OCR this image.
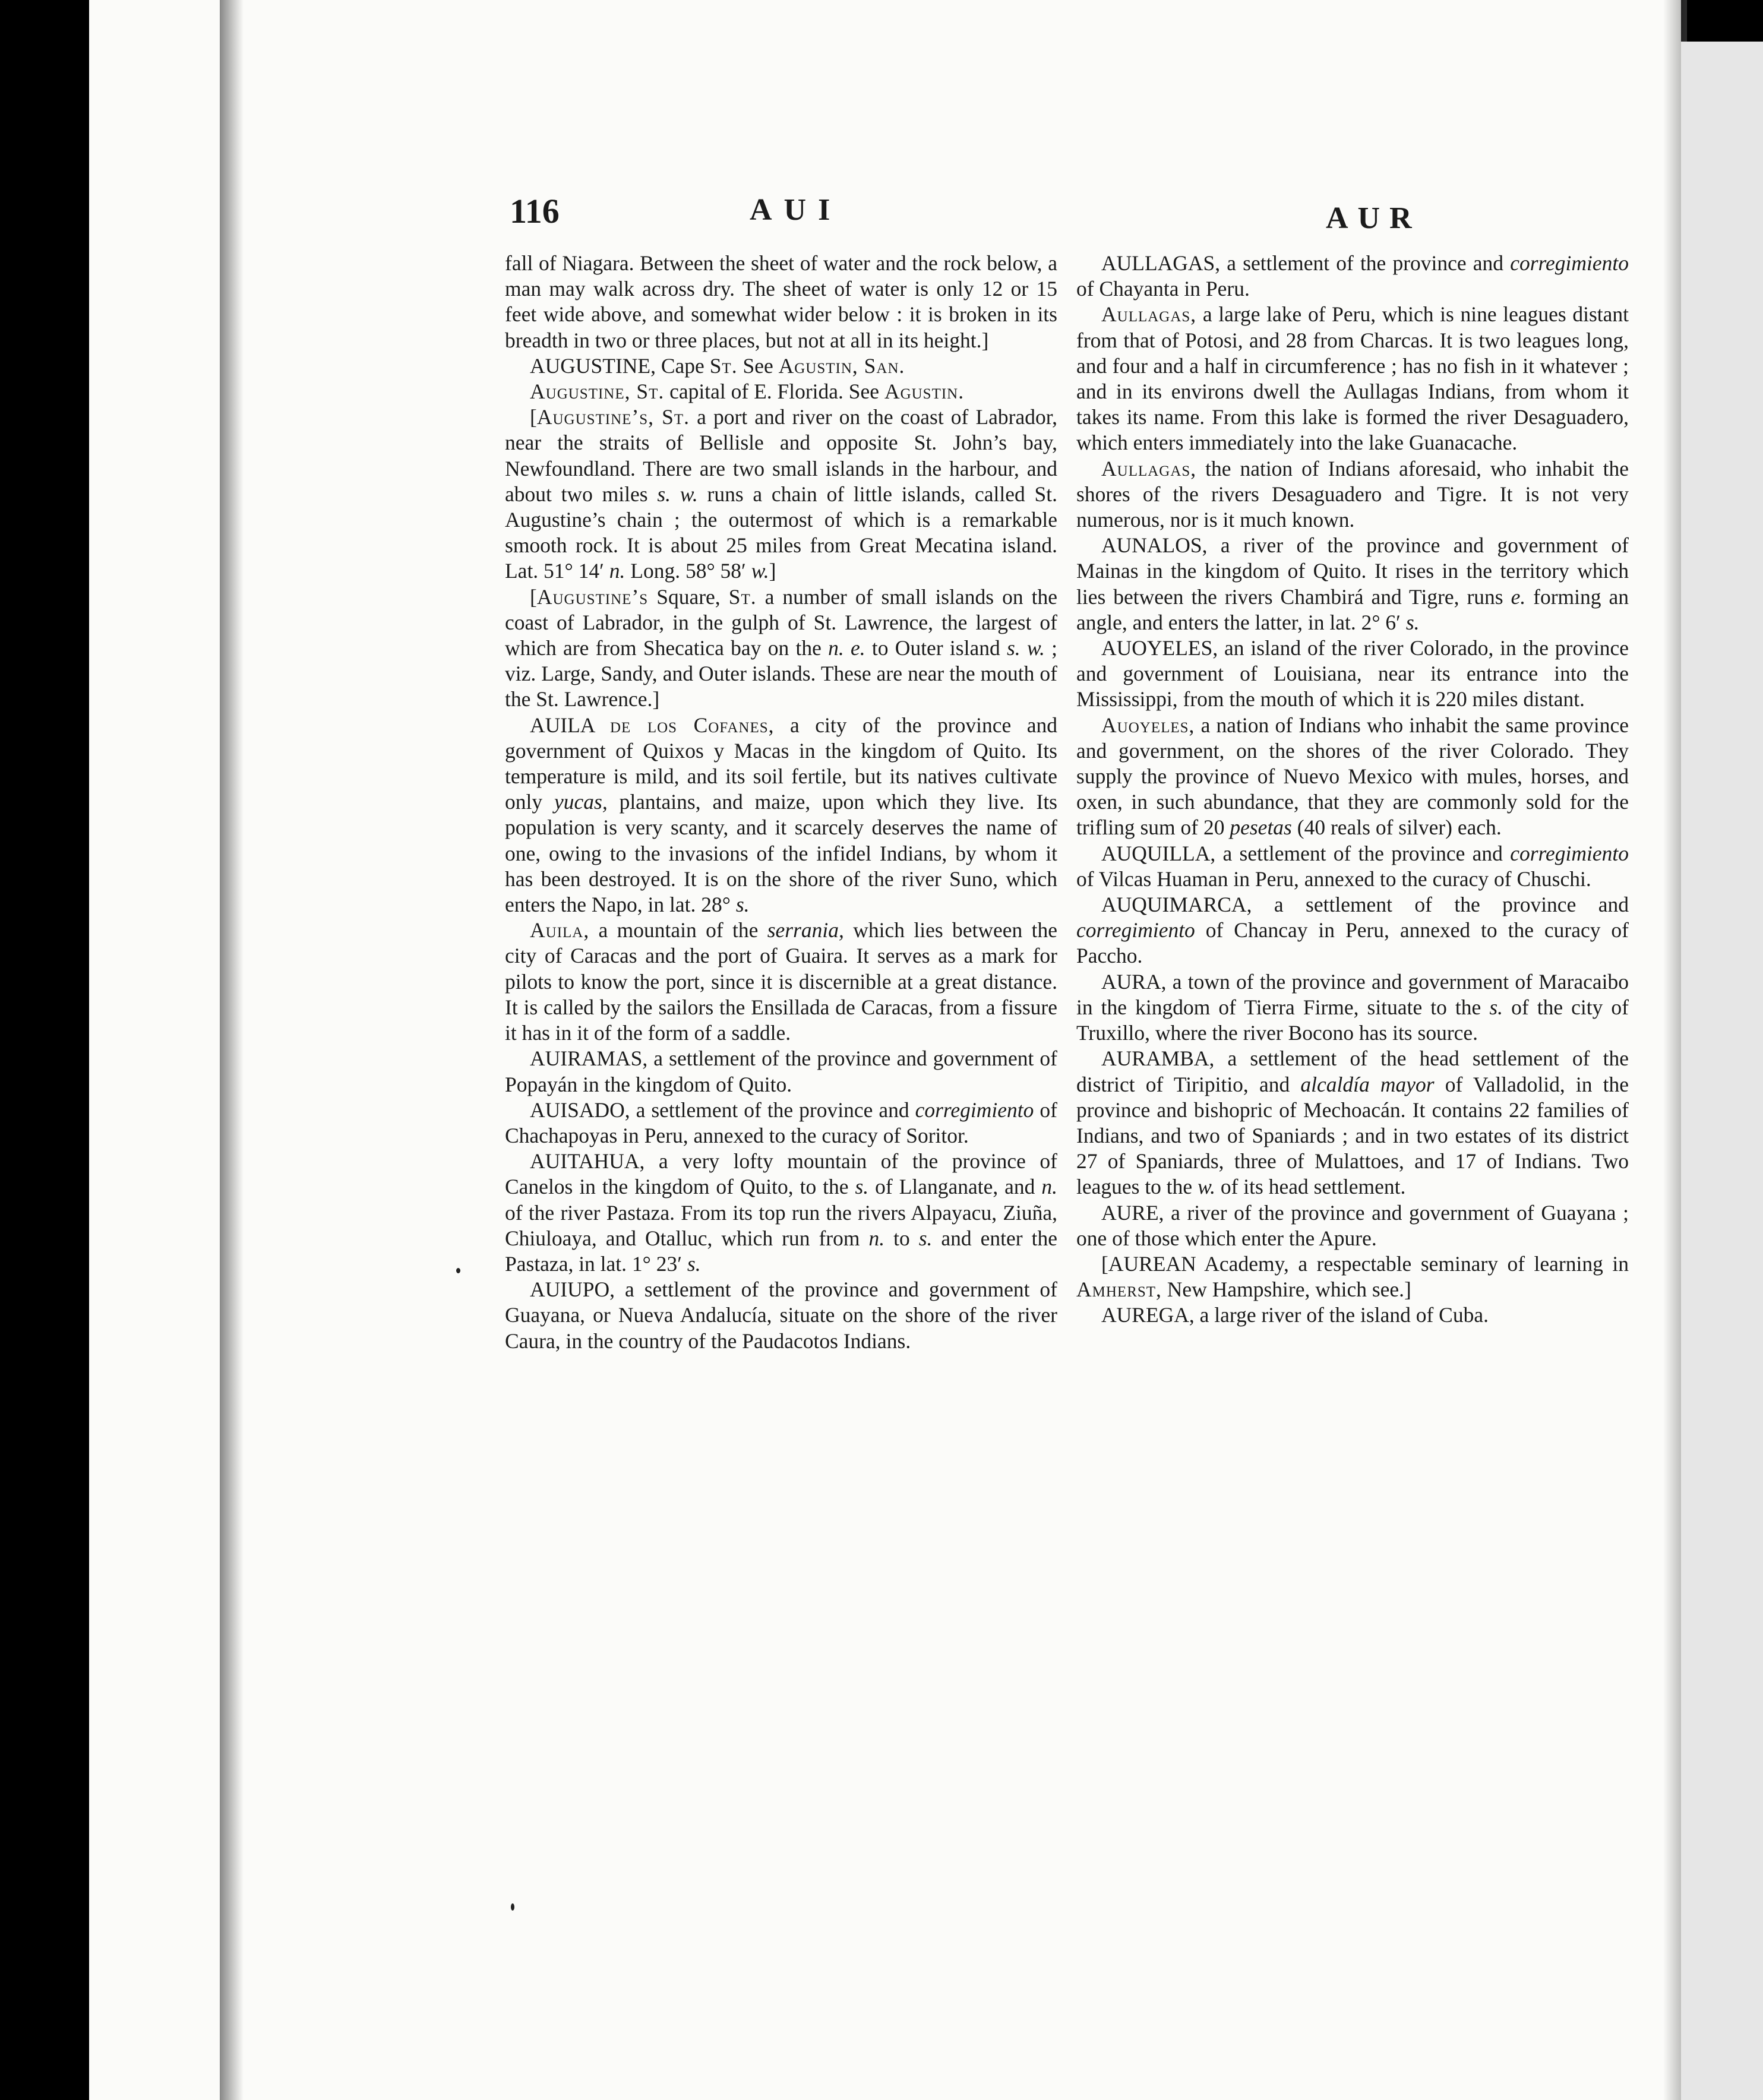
116	AUI	AUR

fall of Niagara. Between the sheet of water and the rock below, a man may walk across dry. The sheet of water is only 12 or 15 feet wide above, and somewhat wider below : it is broken in its breadth in two or three places, but not at all in its height.]

AUGUSTINE, Cape St. See Agustin, San.

Augustine, St. capital of E. Florida. See Agustin.

[Augustine’s, St. a port and river on the coast of Labrador, near the straits of Bellisle and opposite St. John’s bay, Newfoundland. There are two small islands in the harbour, and about two miles s. w. runs a chain of little islands, called St. Augustine’s chain ; the outermost of which is a remarkable smooth rock. It is about 25 miles from Great Mecatina island. Lat. 51° 14′ n. Long. 58° 58′ w.]

[Augustine’s Square, St. a number of small islands on the coast of Labrador, in the gulph of St. Lawrence, the largest of which are from Shecatica bay on the n. e. to Outer island s. w. ; viz. Large, Sandy, and Outer islands. These are near the mouth of the St. Lawrence.]

AUILA de los Cofanes, a city of the province and government of Quixos y Macas in the kingdom of Quito. Its temperature is mild, and its soil fertile, but its natives cultivate only yucas, plantains, and maize, upon which they live. Its population is very scanty, and it scarcely deserves the name of one, owing to the invasions of the infidel Indians, by whom it has been destroyed. It is on the shore of the river Suno, which enters the Napo, in lat. 28° s.

Auila, a mountain of the serrania, which lies between the city of Caracas and the port of Guaira. It serves as a mark for pilots to know the port, since it is discernible at a great distance. It is called by the sailors the Ensillada de Caracas, from a fissure it has in it of the form of a saddle.

AUIRAMAS, a settlement of the province and government of Popayán in the kingdom of Quito.

AUISADO, a settlement of the province and corregimiento of Chachapoyas in Peru, annexed to the curacy of Soritor.

AUITAHUA, a very lofty mountain of the province of Canelos in the kingdom of Quito, to the s. of Llanganate, and n. of the river Pastaza. From its top run the rivers Alpayacu, Ziuña, Chiuloaya, and Otalluc, which run from n. to s. and enter the Pastaza, in lat. 1° 23′ s.

AUIUPO, a settlement of the province and government of Guayana, or Nueva Andalucía, situate on the shore of the river Caura, in the country of the Paudacotos Indians.

AULLAGAS, a settlement of the province and corregimiento of Chayanta in Peru.

Aullagas, a large lake of Peru, which is nine leagues distant from that of Potosi, and 28 from Charcas. It is two leagues long, and four and a half in circumference ; has no fish in it whatever ; and in its environs dwell the Aullagas Indians, from whom it takes its name. From this lake is formed the river Desaguadero, which enters immediately into the lake Guanacache.

Aullagas, the nation of Indians aforesaid, who inhabit the shores of the rivers Desaguadero and Tigre. It is not very numerous, nor is it much known.

AUNALOS, a river of the province and government of Mainas in the kingdom of Quito. It rises in the territory which lies between the rivers Chambirá and Tigre, runs e. forming an angle, and enters the latter, in lat. 2° 6′ s.

AUOYELES, an island of the river Colorado, in the province and government of Louisiana, near its entrance into the Mississippi, from the mouth of which it is 220 miles distant.

Auoyeles, a nation of Indians who inhabit the same province and government, on the shores of the river Colorado. They supply the province of Nuevo Mexico with mules, horses, and oxen, in such abundance, that they are commonly sold for the trifling sum of 20 pesetas (40 reals of silver) each.

AUQUILLA, a settlement of the province and corregimiento of Vilcas Huaman in Peru, annexed to the curacy of Chuschi.

AUQUIMARCA, a settlement of the province and corregimiento of Chancay in Peru, annexed to the curacy of Paccho.

AURA, a town of the province and government of Maracaibo in the kingdom of Tierra Firme, situate to the s. of the city of Truxillo, where the river Bocono has its source.

AURAMBA, a settlement of the head settlement of the district of Tiripitio, and alcaldía mayor of Valladolid, in the province and bishopric of Mechoacán. It contains 22 families of Indians, and two of Spaniards ; and in two estates of its district 27 of Spaniards, three of Mulattoes, and 17 of Indians. Two leagues to the w. of its head settlement.

AURE, a river of the province and government of Guayana ; one of those which enter the Apure.

[AUREAN Academy, a respectable seminary of learning in Amherst, New Hampshire, which see.]

AUREGA, a large river of the island of Cuba.
